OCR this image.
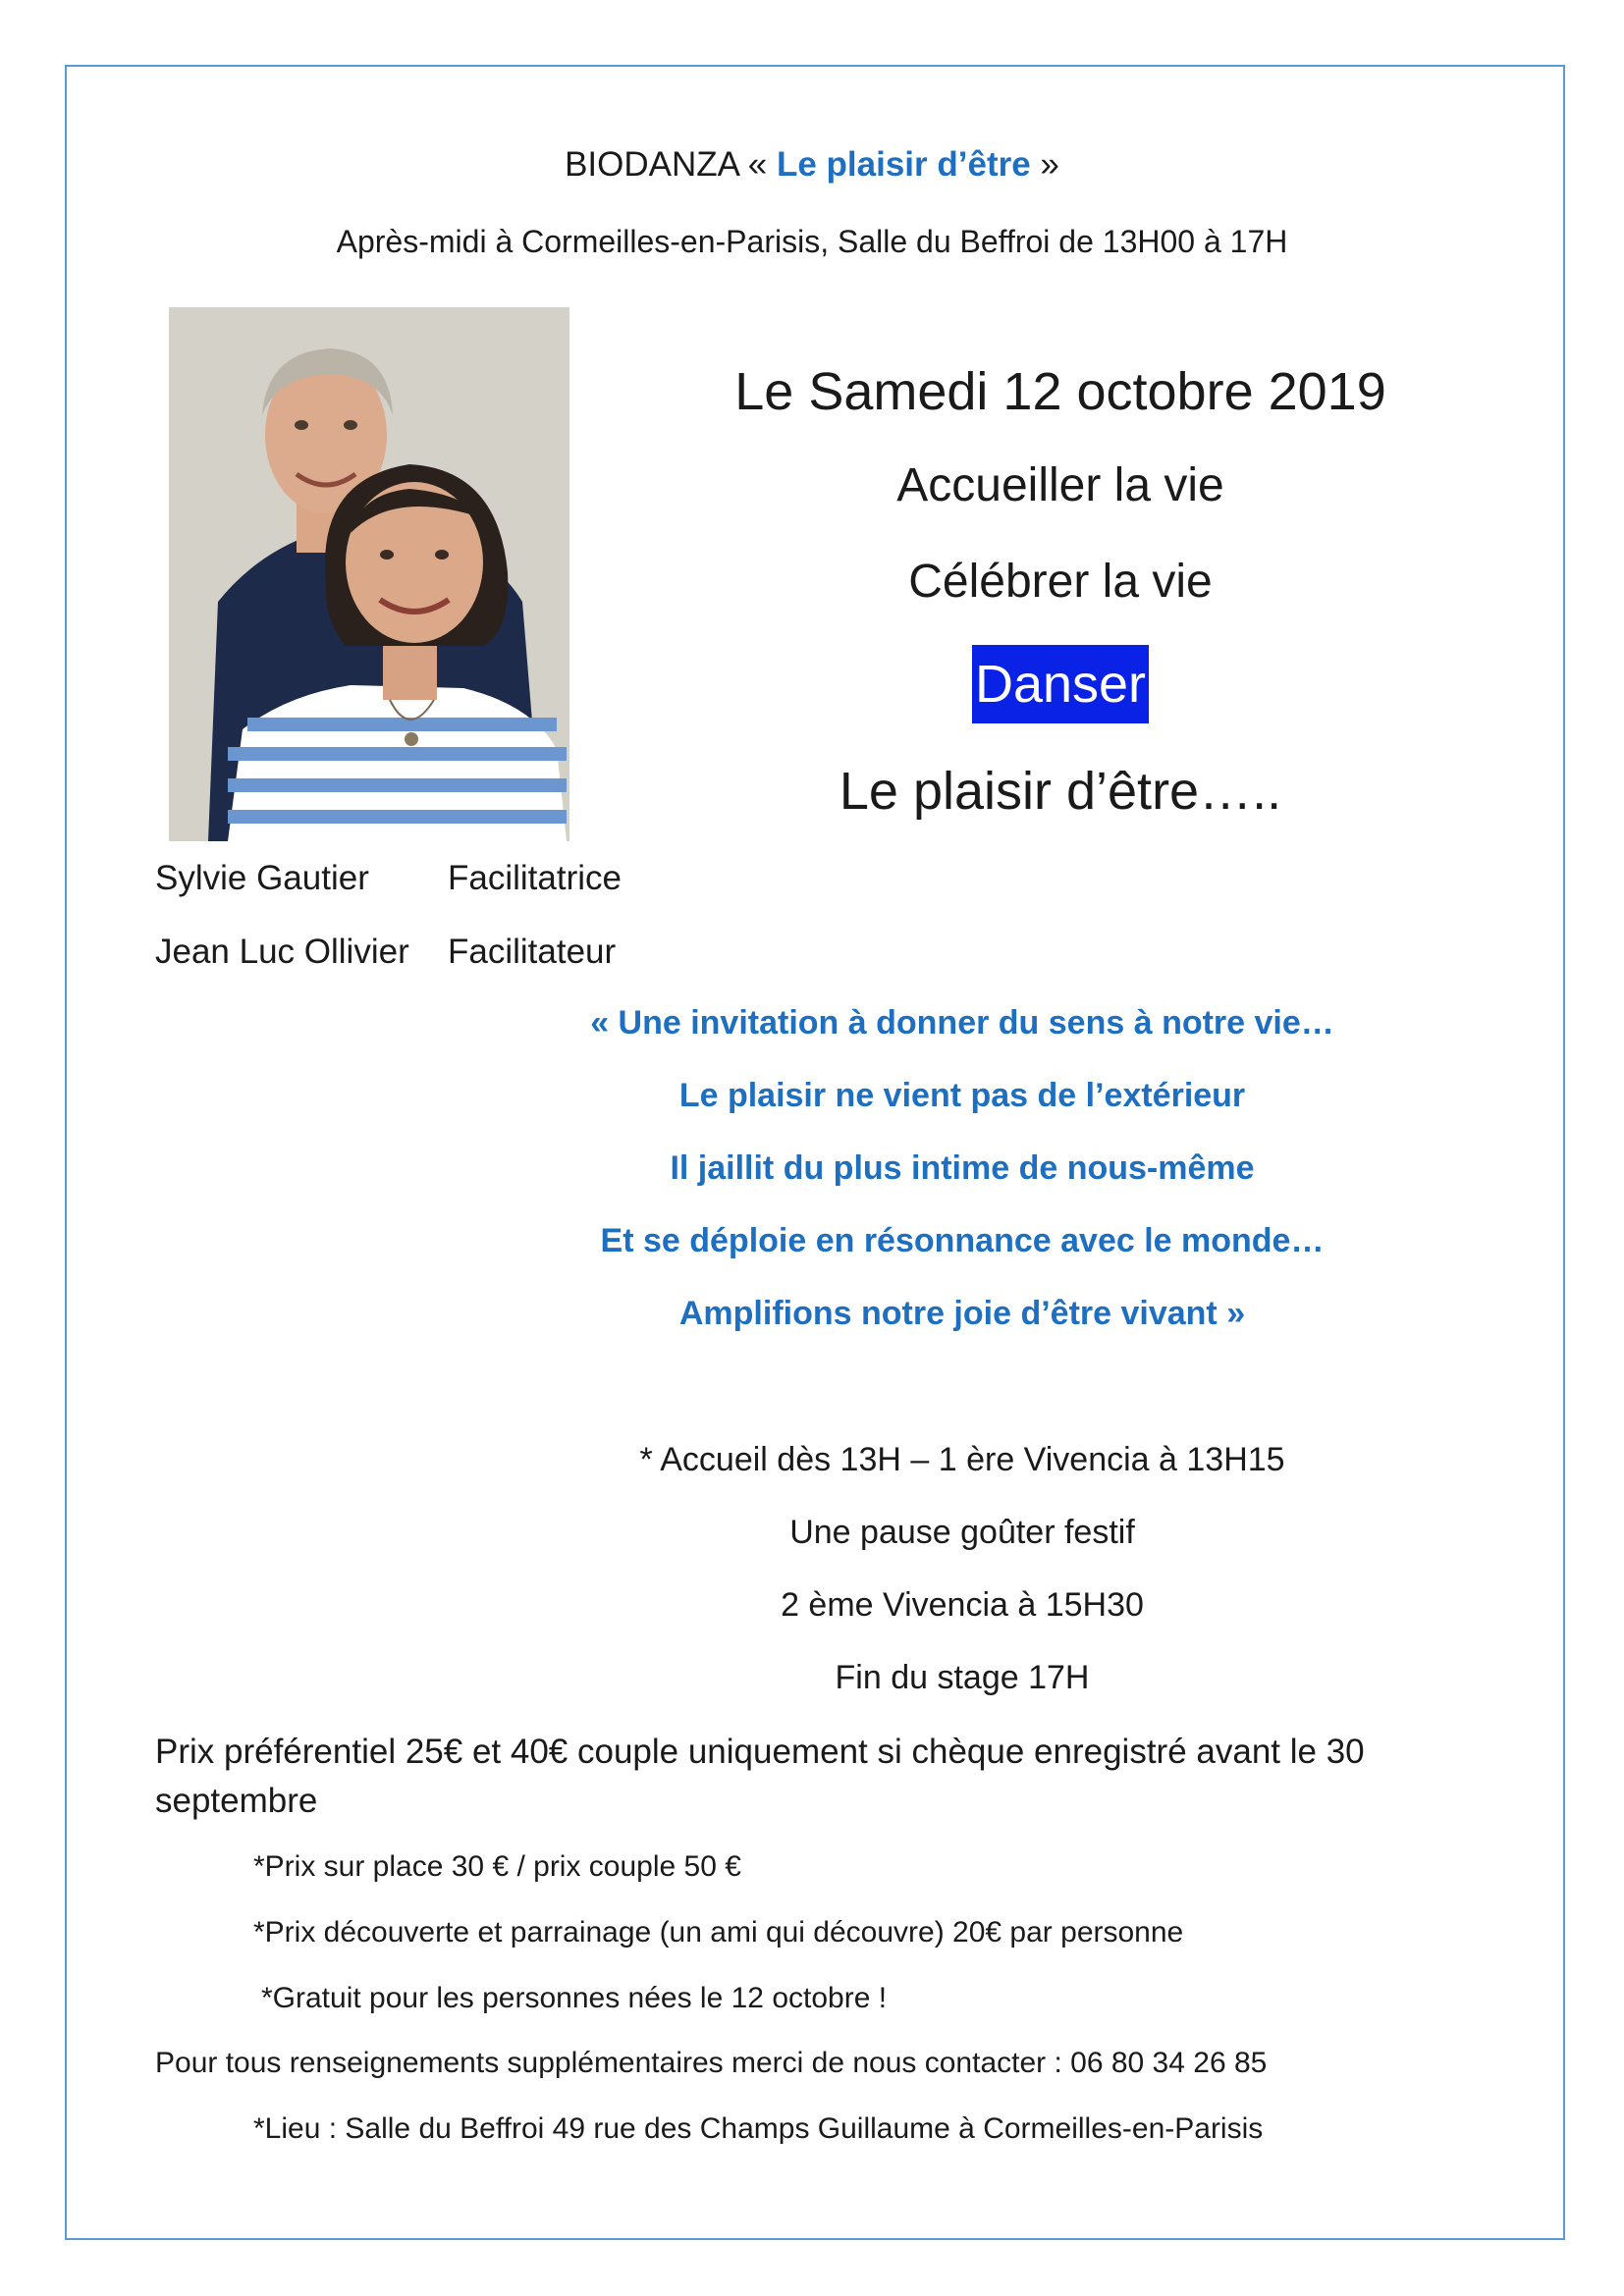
BIODANZA « Le plaisir d’être »
Après-midi à Cormeilles-en-Parisis, Salle du Beffroi de 13H00 à 17H
Le Samedi 12 octobre 2019
Accueiller la vie
Célébrer la vie
Danser
Le plaisir d’être…..
Sylvie Gautier Facilitatrice
Jean Luc Ollivier Facilitateur
« Une invitation à donner du sens à notre vie…
Le plaisir ne vient pas de l’extérieur
Il jaillit du plus intime de nous-même
Et se déploie en résonnance avec le monde…
Amplifions notre joie d’être vivant »
* Accueil dès 13H – 1 ère Vivencia à 13H15
Une pause goûter festif
2 ème Vivencia à 15H30
Fin du stage 17H
Prix préférentiel 25€ et 40€ couple uniquement si chèque enregistré avant le 30 septembre
*Prix sur place 30 € / prix couple 50 €
*Prix découverte et parrainage (un ami qui découvre) 20€ par personne
*Gratuit pour les personnes nées le 12 octobre !
Pour tous renseignements supplémentaires merci de nous contacter : 06 80 34 26 85
*Lieu : Salle du Beffroi 49 rue des Champs Guillaume à Cormeilles-en-Parisis
